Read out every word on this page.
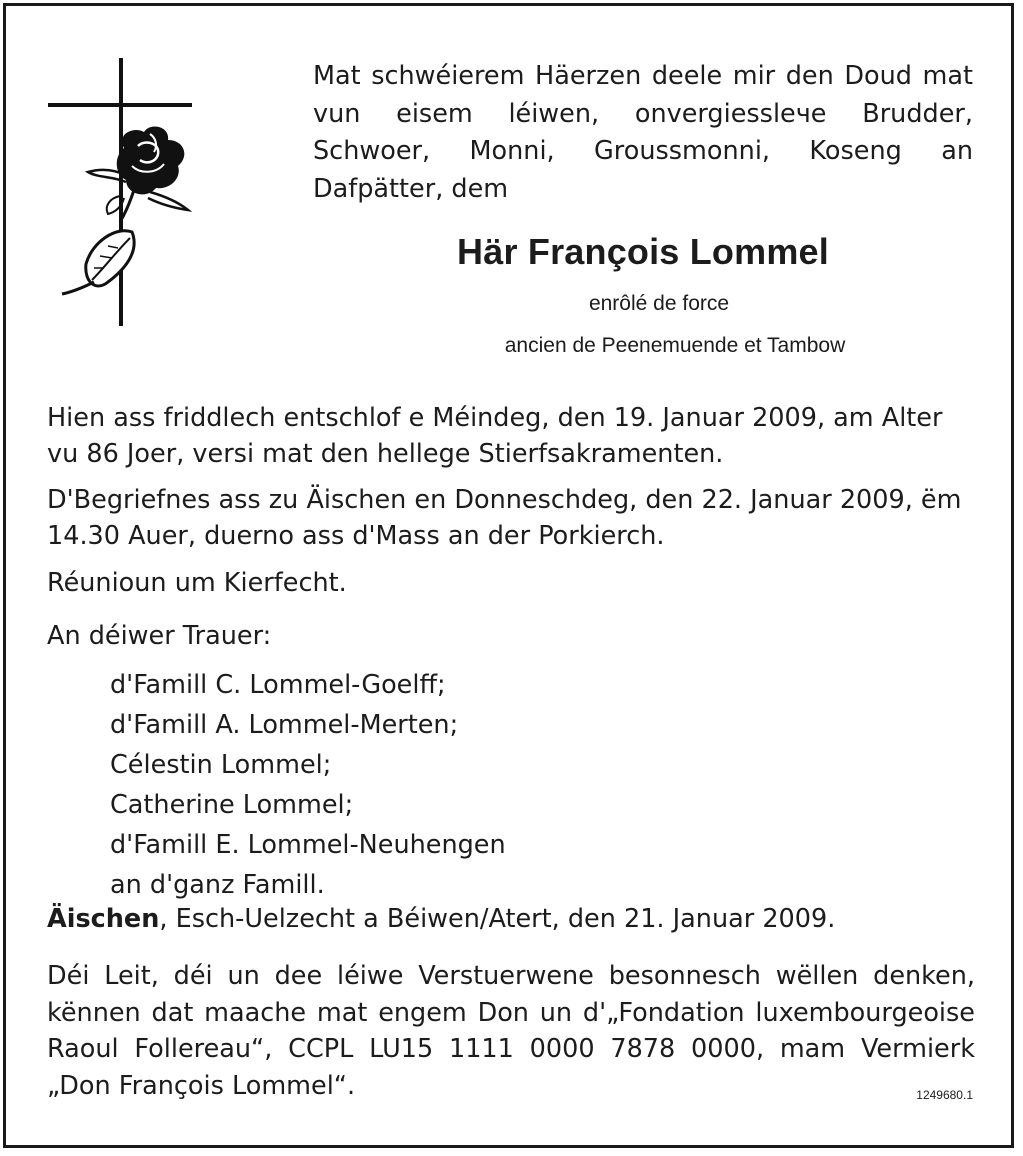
Mat schwéierem Häerzen deele mir den Doud mat vun eisem léiwen, onvergiesslече Brudder, Schwoer, Monni, Groussmonni, Koseng an Dafpätter, dem
Här François Lommel
enrôlé de force
ancien de Peenemuende et Tambow
Hien ass friddlech entschlof e Méindeg, den 19. Januar 2009, am Alter vu 86 Joer, versi mat den hellege Stierfsakramenten.
D'Begriefnes ass zu Äischen en Donneschdeg, den 22. Januar 2009, ëm 14.30 Auer, duerno ass d'Mass an der Porkierch.
Réunioun um Kierfecht.
An déiwer Trauer:
d'Famill C. Lommel-Goelff;
d'Famill A. Lommel-Merten;
Célestin Lommel;
Catherine Lommel;
d'Famill E. Lommel-Neuhengen
an d'ganz Famill.
Äischen, Esch-Uelzecht a Béiwen/Atert, den 21. Januar 2009.
Déi Leit, déi un dee léiwe Verstuerwene besonnesch wëllen denken, kënnen dat maache mat engem Don un d'„Fondation luxembourgeoise Raoul Follereau“, CCPL LU15 1111 0000 7878 0000, mam Vermierk „Don François Lommel“.	1249680.1
